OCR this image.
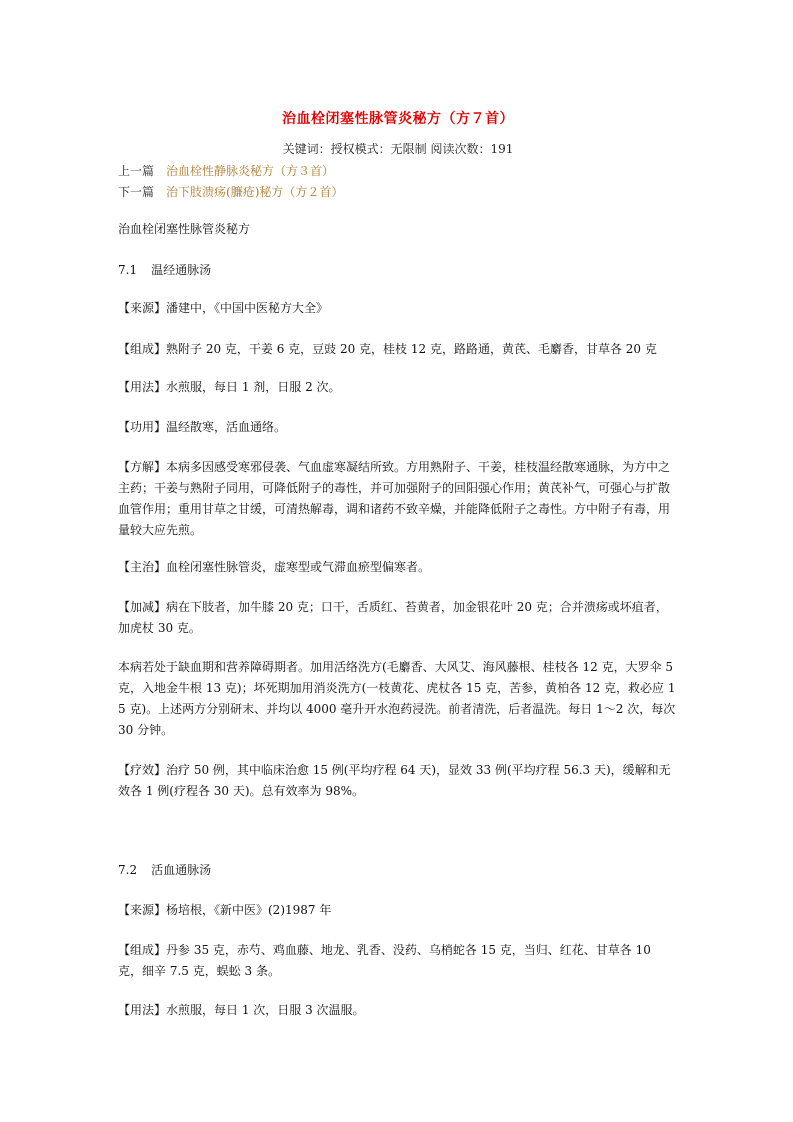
治血栓闭塞性脉管炎秘方（方７首）
关键词：授权模式：无限制 阅读次数：191
上一篇 治血栓性静脉炎秘方（方３首）
下一篇 治下肢溃疡(臁疮)秘方（方２首）

治血栓闭塞性脉管炎秘方

7.1 温经通脉汤

【来源】潘建中，《中国中医秘方大全》

【组成】熟附子 20 克，干姜 6 克，豆豉 20 克，桂枝 12 克，路路通，黄芪、毛麝香，甘草各 20 克

【用法】水煎服，每日 1 剂，日服 2 次。

【功用】温经散寒，活血通络。

【方解】本病多因感受寒邪侵袭、气血虚寒凝结所致。方用熟附子、干姜，桂枝温经散寒通脉，为方中之主药；干姜与熟附子同用，可降低附子的毒性，并可加强附子的回阳强心作用；黄芪补气，可强心与扩散血管作用；重用甘草之甘缓，可清热解毒，调和诸药不致辛燥，并能降低附子之毒性。方中附子有毒，用量较大应先煎。

【主治】血栓闭塞性脉管炎，虚寒型或气滞血瘀型偏寒者。

【加减】病在下肢者，加牛膝 20 克；口干，舌质红、苔黄者，加金银花叶 20 克；合并溃疡或坏疽者，加虎杖 30 克。

本病若处于缺血期和营养障碍期者。加用活络洗方(毛麝香、大风艾、海风藤根、桂枝各 12 克，大罗伞 5 克，入地金牛根 13 克)；坏死期加用消炎洗方(一枝黄花、虎杖各 15 克，苦参，黄柏各 12 克，救必应 15 克)。上述两方分别研末、并均以 4000 毫升开水泡药浸洗。前者清洗，后者温洗。每日 1～2 次，每次 30 分钟。

【疗效】治疗 50 例，其中临床治愈 15 例(平均疗程 64 天)，显效 33 例(平均疗程 56.3 天)，缓解和无效各 1 例(疗程各 30 天)。总有效率为 98%。

7.2 活血通脉汤

【来源】杨培根，《新中医》(2)1987 年

【组成】丹参 35 克，赤芍、鸡血藤、地龙、乳香、没药、乌梢蛇各 15 克，当归、红花、甘草各 10 克，细辛 7.5 克，蜈蚣 3 条。

【用法】水煎服，每日 1 次，日服 3 次温服。
